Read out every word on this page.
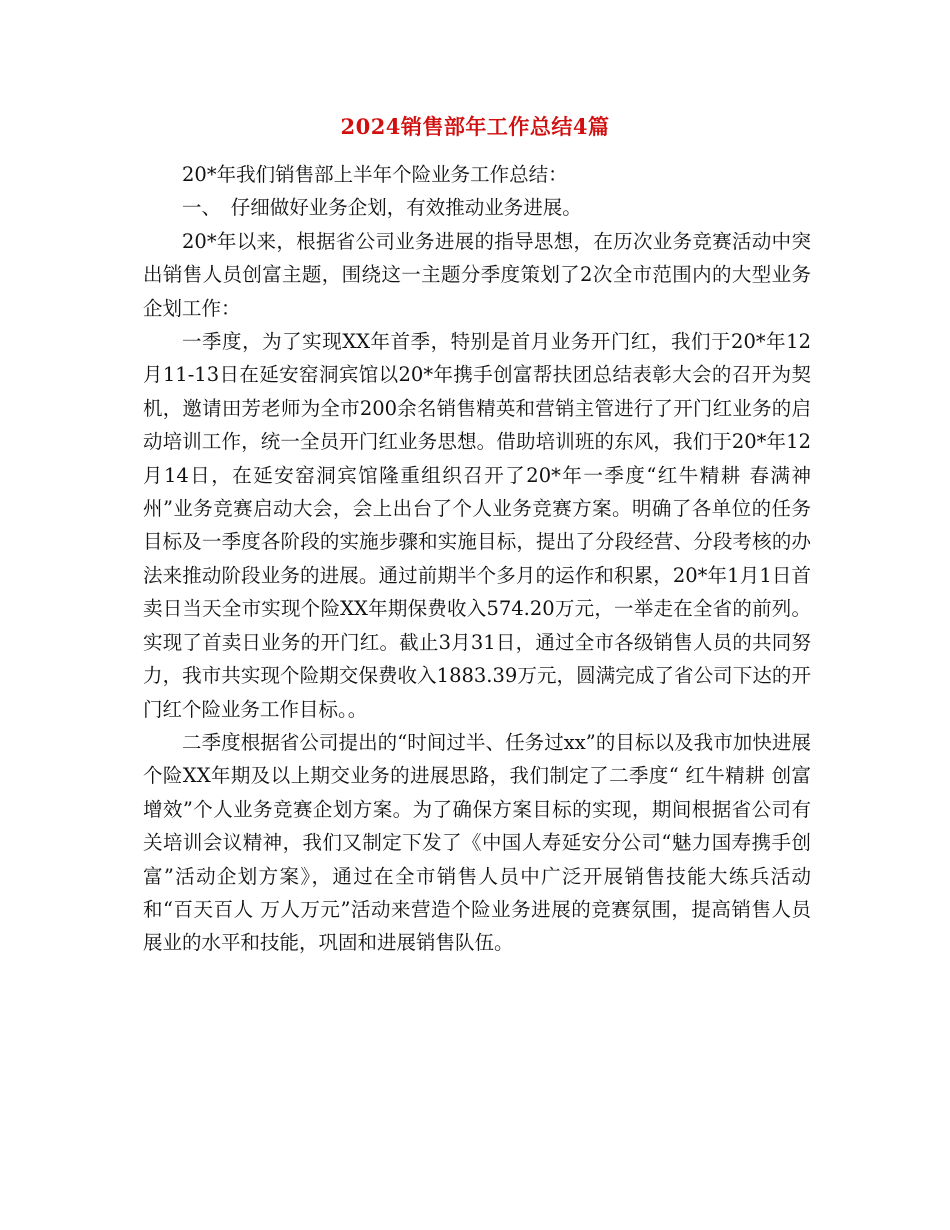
2024销售部年工作总结4篇

20*年我们销售部上半年个险业务工作总结：

一、　仔细做好业务企划，有效推动业务进展。

20*年以来，根据省公司业务进展的指导思想，在历次业务竞赛活动中突出销售人员创富主题，围绕这一主题分季度策划了2次全市范围内的大型业务企划工作：

一季度，为了实现XX年首季，特别是首月业务开门红，我们于20*年12月11-13日在延安窑洞宾馆以20*年携手创富帮扶团总结表彰大会的召开为契机，邀请田芳老师为全市200余名销售精英和营销主管进行了开门红业务的启动培训工作，统一全员开门红业务思想。借助培训班的东风，我们于20*年12月14日，在延安窑洞宾馆隆重组织召开了20*年一季度“红牛精耕 春满神州”业务竞赛启动大会，会上出台了个人业务竞赛方案。明确了各单位的任务目标及一季度各阶段的实施步骤和实施目标，提出了分段经营、分段考核的办法来推动阶段业务的进展。通过前期半个多月的运作和积累，20*年1月1日首卖日当天全市实现个险XX年期保费收入574.20万元，一举走在全省的前列。实现了首卖日业务的开门红。截止3月31日，通过全市各级销售人员的共同努力，我市共实现个险期交保费收入1883.39万元，圆满完成了省公司下达的开门红个险业务工作目标。。

二季度根据省公司提出的“时间过半、任务过xx”的目标以及我市加快进展个险XX年期及以上期交业务的进展思路，我们制定了二季度“ 红牛精耕 创富增效”个人业务竞赛企划方案。为了确保方案目标的实现，期间根据省公司有关培训会议精神，我们又制定下发了《中国人寿延安分公司“魅力国寿携手创富”活动企划方案》，通过在全市销售人员中广泛开展销售技能大练兵活动和“百天百人 万人万元”活动来营造个险业务进展的竞赛氛围，提高销售人员展业的水平和技能，巩固和进展销售队伍。
